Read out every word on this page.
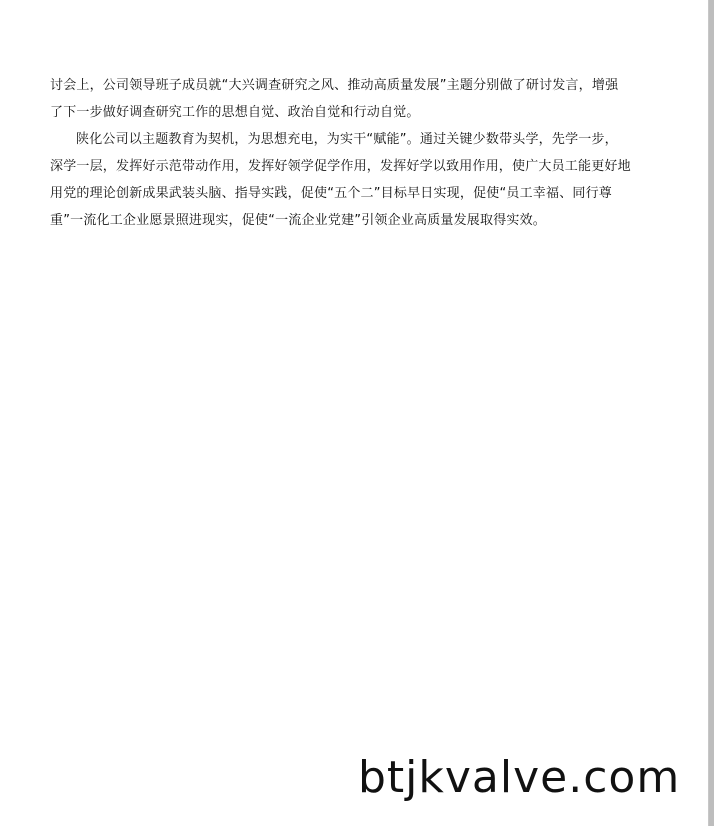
讨会上，公司领导班子成员就“大兴调查研究之风、推动高质量发展”主题分别做了研讨发言，增强
了下一步做好调查研究工作的思想自觉、政治自觉和行动自觉。
陕化公司以主题教育为契机，为思想充电，为实干“赋能”。通过关键少数带头学，先学一步，
深学一层，发挥好示范带动作用，发挥好领学促学作用，发挥好学以致用作用，使广大员工能更好地
用党的理论创新成果武装头脑、指导实践，促使“五个二”目标早日实现，促使“员工幸福、同行尊
重”一流化工企业愿景照进现实，促使“一流企业党建”引领企业高质量发展取得实效。
btjkvalve.com
